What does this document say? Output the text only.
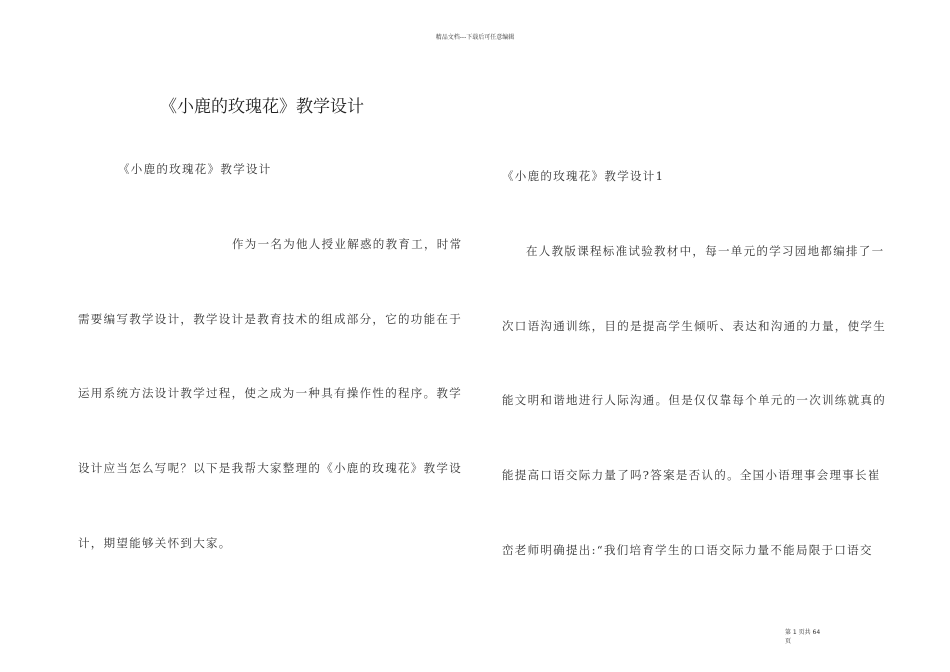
精品文档---下载后可任意编辑
《小鹿的玫瑰花》教学设计
《小鹿的玫瑰花》教学设计
作为一名为他人授业解惑的教育工，时常
需要编写教学设计，教学设计是教育技术的组成部分，它的功能在于
运用系统方法设计教学过程，使之成为一种具有操作性的程序。教学
设计应当怎么写呢？以下是我帮大家整理的《小鹿的玫瑰花》教学设
计，期望能够关怀到大家。
《小鹿的玫瑰花》教学设计1
在人教版课程标准试验教材中，每一单元的学习园地都编排了一
次口语沟通训练，目的是提高学生倾听、表达和沟通的力量，使学生
能文明和谐地进行人际沟通。但是仅仅靠每个单元的一次训练就真的
能提高口语交际力量了吗?答案是否认的。全国小语理事会理事长崔
峦老师明确提出:“我们培育学生的口语交际力量不能局限于口语交
第 1 页共 64
页
